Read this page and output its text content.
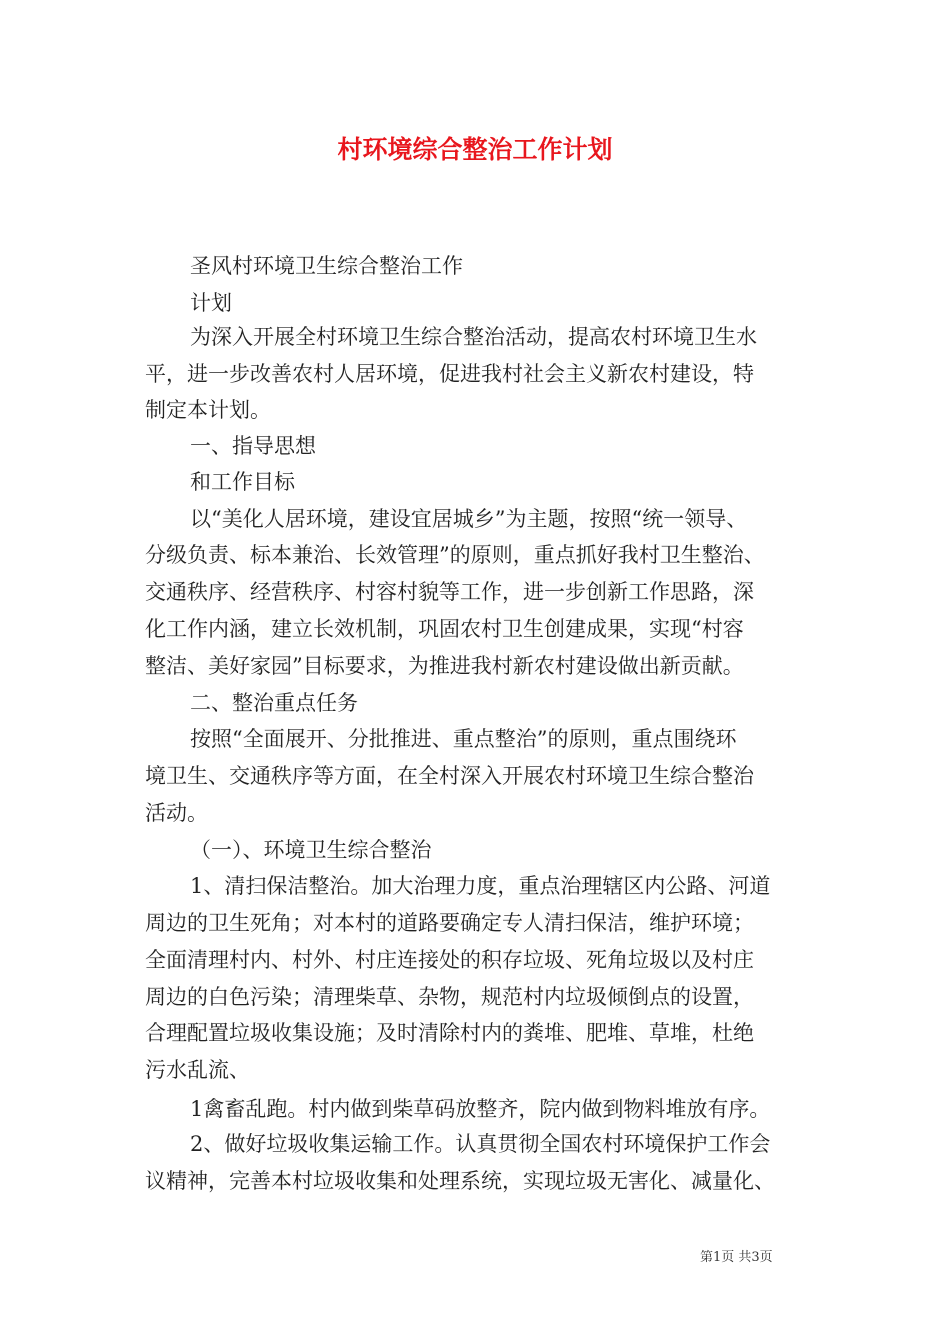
村环境综合整治工作计划
圣风村环境卫生综合整治工作
计划
为深入开展全村环境卫生综合整治活动，提高农村环境卫生水
平，进一步改善农村人居环境，促进我村社会主义新农村建设，特
制定本计划。
一、指导思想
和工作目标
以“美化人居环境，建设宜居城乡”为主题，按照“统一领导、
分级负责、标本兼治、长效管理”的原则，重点抓好我村卫生整治、
交通秩序、经营秩序、村容村貌等工作，进一步创新工作思路，深
化工作内涵，建立长效机制，巩固农村卫生创建成果，实现“村容
整洁、美好家园”目标要求，为推进我村新农村建设做出新贡献。
二、整治重点任务
按照“全面展开、分批推进、重点整治”的原则，重点围绕环
境卫生、交通秩序等方面，在全村深入开展农村环境卫生综合整治
活动。
（一）、环境卫生综合整治
1、清扫保洁整治。加大治理力度，重点治理辖区内公路、河道
周边的卫生死角；对本村的道路要确定专人清扫保洁，维护环境；
全面清理村内、村外、村庄连接处的积存垃圾、死角垃圾以及村庄
周边的白色污染；清理柴草、杂物，规范村内垃圾倾倒点的设置，
合理配置垃圾收集设施；及时清除村内的粪堆、肥堆、草堆，杜绝
污水乱流、
1禽畜乱跑。村内做到柴草码放整齐，院内做到物料堆放有序。
2、做好垃圾收集运输工作。认真贯彻全国农村环境保护工作会
议精神，完善本村垃圾收集和处理系统，实现垃圾无害化、减量化、
第1页 共3页
